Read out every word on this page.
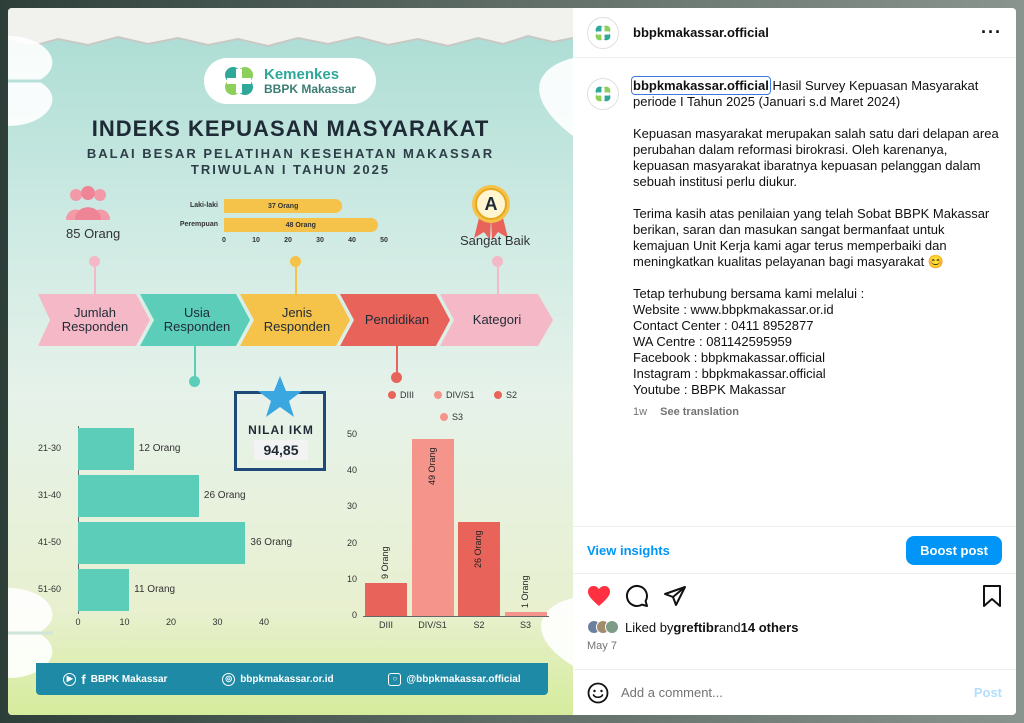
Kemenkes
BBPK Makassar
INDEKS KEPUASAN MASYARAKAT
BALAI BESAR PELATIHAN KESEHATAN MAKASSAR
TRIWULAN I TAHUN 2025
85 Orang
Laki-laki	37 Orang
Perempuan	48 Orang
0	10	20	30	40	50
A
Sangat Baik
Jumlah Responden
Usia Responden
Jenis Responden	Pendidikan	Kategori
NILAI IKM
94,85
21-30	12 Orang
31-40	26 Orang
41-50	36 Orang
51-60	11 Orang
0	10	20	30	40
DIII	DIV/S1	S2
S3
0
10
20
30
40
50
9 Orang
DIII
49 Orang
DIV/S1
26 Orang
S2
1 Orang
S3
▶ f BBPK Makassar	◎ bbpkmakassar.or.id	○ @bbpkmakassar.official
bbpkmakassar.official	···

bbpkmakassar.official Hasil Survey Kepuasan Masyarakat periode I Tahun 2025 (Januari s.d Maret 2024)

Kepuasan masyarakat merupakan salah satu dari delapan area perubahan dalam reformasi birokrasi. Oleh karenanya, kepuasan masyarakat ibaratnya kepuasan pelanggan dalam sebuah institusi perlu diukur.

Terima kasih atas penilaian yang telah Sobat BBPK Makassar berikan, saran dan masukan sangat bermanfaat untuk kemajuan Unit Kerja kami agar terus memperbaiki dan meningkatkan kualitas pelayanan bagi masyarakat 😊

Tetap terhubung bersama kami melalui :
Website : www.bbpkmakassar.or.id
Contact Center : 0411 8952877
WA Centre : 081142595959
Facebook : bbpkmakassar.official
Instagram : bbpkmakassar.official
Youtube : BBPK Makassar
1w See translation
View insights	Boost post
Liked by greftibr and 14 others
May 7
Add a comment...
Post
